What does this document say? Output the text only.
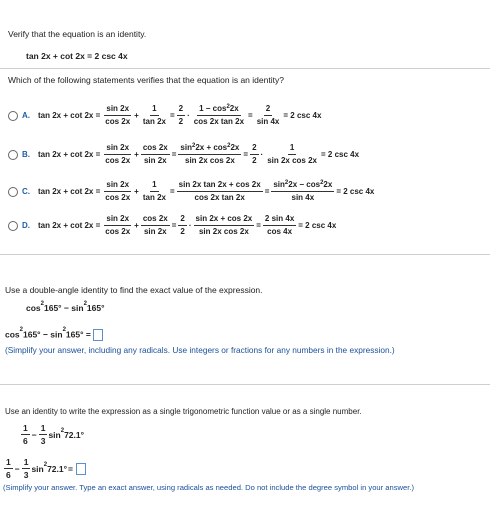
Verify that the equation is an identity.
tan 2x + cot 2x = 2 csc 4x
Which of the following statements verifies that the equation is an identity?
A. $\tan 2x + \cot 2x = \frac{\sin 2x}{\cos 2x} + \frac{1}{\tan 2x} = \frac{2}{2} \cdot \frac{1 - \cos^22x}{\text{cos 2x tan 2x}} = \frac{2}{\sin 4x} = 2$ csc 4x
B. $\tan 2x + \cot 2x = \frac{\sin 2x}{\cos 2x} + \frac{\cos 2x}{\sin 2x} = \frac{\sin^22x + \cos^22x}{\text{sin 2x cos 2x}} = \frac{2}{2} \cdot \frac{1}{\text{sin 2x cos 2x}} = 2$ csc 4x
C. $\tan 2x + \cot 2x = \frac{\sin 2x}{\cos 2x} + \frac{1}{\tan 2x} = \frac{\text{sin 2x tan 2x + cos 2x}}{\text{cos 2x tan 2x}} = \frac{\sin^22x - \cos^22x}{\sin 4x} = 2$ csc 4x
D. $\tan 2x + \cot 2x = \frac{\sin 2x}{\cos 2x} + \frac{\cos 2x}{\sin 2x} = \frac{2}{2} \cdot \frac{\sin 2x + \cos 2x}{\text{sin 2x cos 2x}} = \frac{2 \sin 4x}{\cos 4x} = 2$ csc 4x
Use a double-angle identity to find the exact value of the expression.
$\cos^2165^\circ - \sin^2165^\circ$
$\cos^2165^\circ - \sin^2165^\circ$ =
(Simplify your answer, including any radicals. Use integers or fractions for any numbers in the expression.)
Use an identity to write the expression as a single trigonometric function value or as a single number.
$\frac{1}{6} - \frac{1}{3} \sin^272.1^\circ$
$\frac{1}{6} - \frac{1}{3} \sin^272.1^\circ$ =
(Simplify your answer. Type an exact answer, using radicals as needed. Do not include the degree symbol in your answer.)
